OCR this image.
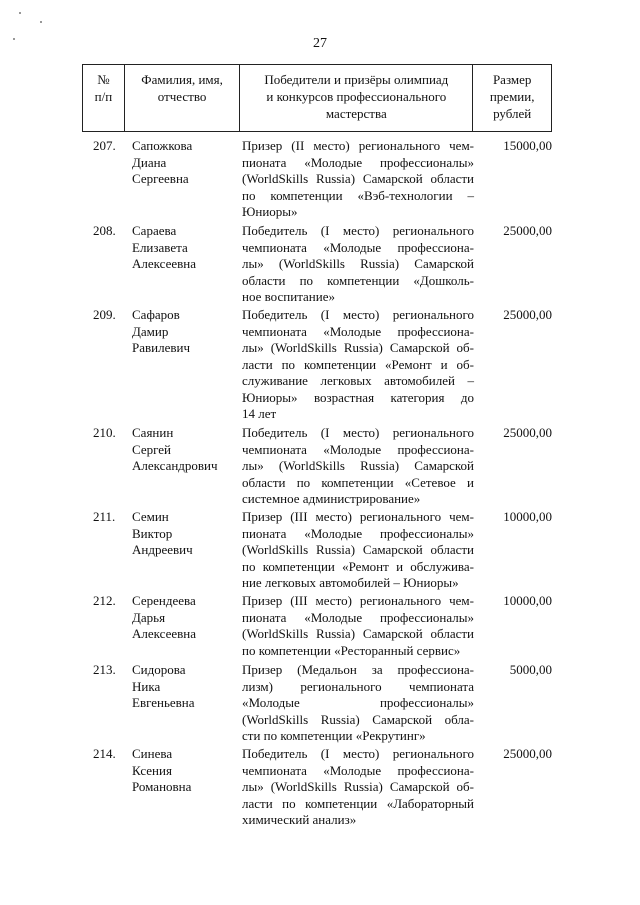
27
№
п/п
Фамилия, имя,
отчество
Победители и призёры олимпиад
и конкурсов профессионального
мастерства
Размер
премии,
рублей
207. Сапожкова
Диана
Сергеевна
Призер (II место) регионального чем-
пионата «Молодые профессионалы»
(WorldSkills Russia) Самарской области
по компетенции «Вэб-технологии –
Юниоры»
15000,00
208. Сараева
Елизавета
Алексеевна
Победитель (I место) регионального
чемпионата «Молодые профессиона-
лы» (WorldSkills Russia) Самарской
области по компетенции «Дошколь-
ное воспитание»
25000,00
209. Сафаров
Дамир
Равилевич
Победитель (I место) регионального
чемпионата «Молодые профессиона-
лы» (WorldSkills Russia) Самарской об-
ласти по компетенции «Ремонт и об-
служивание легковых автомобилей –
Юниоры» возрастная категория до
14 лет
25000,00
210. Саянин
Сергей
Александрович
Победитель (I место) регионального
чемпионата «Молодые профессиона-
лы» (WorldSkills Russia) Самарской
области по компетенции «Сетевое и
системное администрирование»
25000,00
211. Семин
Виктор
Андреевич
Призер (III место) регионального чем-
пионата «Молодые профессионалы»
(WorldSkills Russia) Самарской области
по компетенции «Ремонт и обслужива-
ние легковых автомобилей – Юниоры»
10000,00
212. Серендеева
Дарья
Алексеевна
Призер (III место) регионального чем-
пионата «Молодые профессионалы»
(WorldSkills Russia) Самарской области
по компетенции «Ресторанный сервис»
10000,00
213. Сидорова
Ника
Евгеньевна
Призер (Медальон за профессиона-
лизм) регионального чемпионата
«Молодые профессионалы»
(WorldSkills Russia) Самарской обла-
сти по компетенции «Рекрутинг»
5000,00
214. Синева
Ксения
Романовна
Победитель (I место) регионального
чемпионата «Молодые профессиона-
лы» (WorldSkills Russia) Самарской об-
ласти по компетенции «Лабораторный
химический анализ»
25000,00
